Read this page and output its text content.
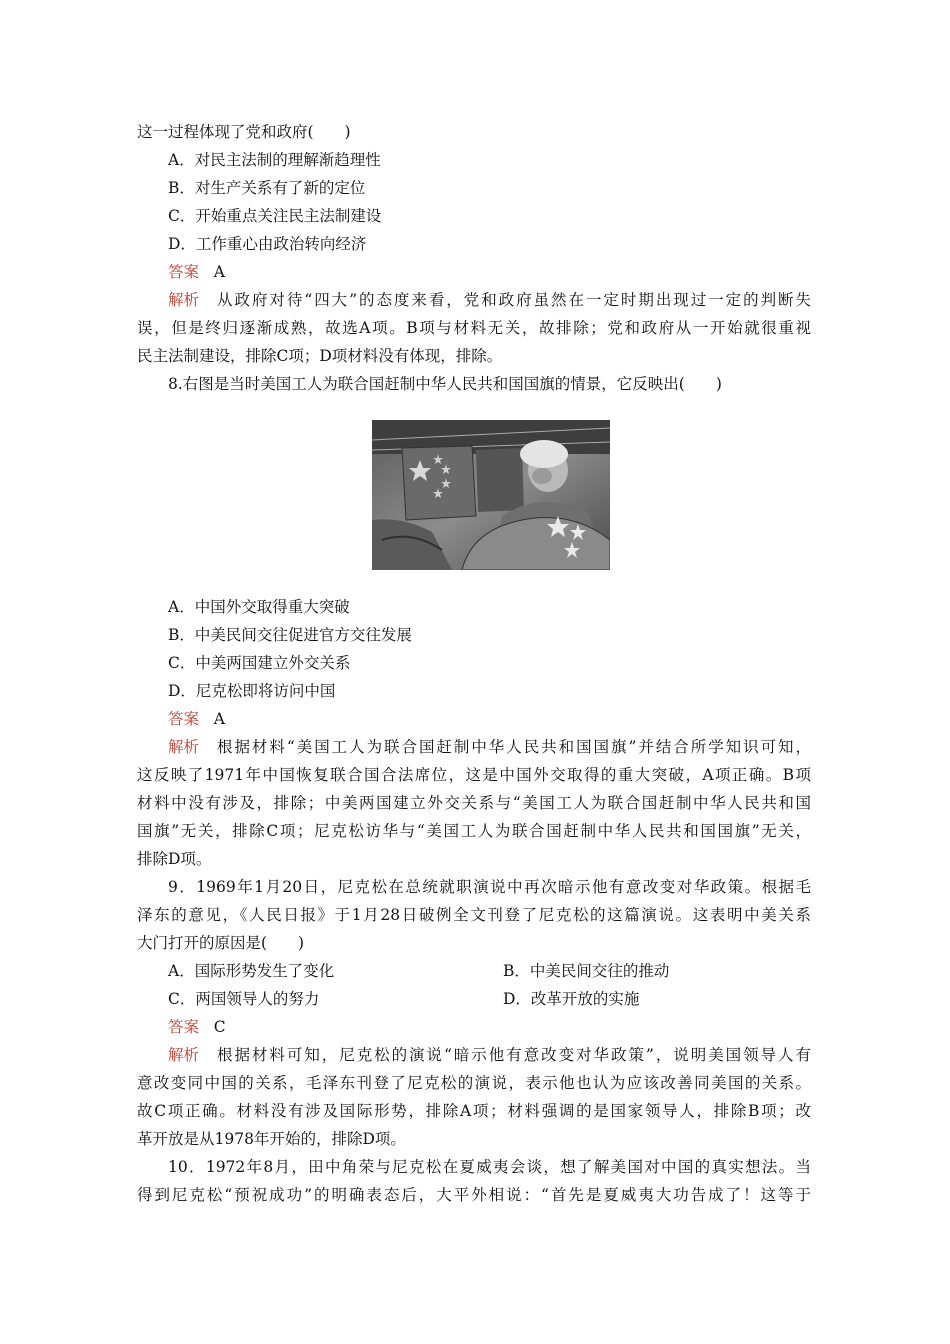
这一过程体现了党和政府(　　)
A．对民主法制的理解渐趋理性
B．对生产关系有了新的定位
C．开始重点关注民主法制建设
D．工作重心由政治转向经济
答案 A
解析 从政府对待“四大”的态度来看，党和政府虽然在一定时期出现过一定的判断失
误，但是终归逐渐成熟，故选A项。B项与材料无关，故排除；党和政府从一开始就很重视
民主法制建设，排除C项；D项材料没有体现，排除。
8.右图是当时美国工人为联合国赶制中华人民共和国国旗的情景，它反映出(　　)
A．中国外交取得重大突破
B．中美民间交往促进官方交往发展
C．中美两国建立外交关系
D．尼克松即将访问中国
答案 A
解析 根据材料“美国工人为联合国赶制中华人民共和国国旗”并结合所学知识可知，
这反映了1971年中国恢复联合国合法席位，这是中国外交取得的重大突破，A项正确。B项
材料中没有涉及，排除；中美两国建立外交关系与“美国工人为联合国赶制中华人民共和国
国旗”无关，排除C项；尼克松访华与“美国工人为联合国赶制中华人民共和国国旗”无关，
排除D项。
9．1969年1月20日，尼克松在总统就职演说中再次暗示他有意改变对华政策。根据毛
泽东的意见，《人民日报》于1月28日破例全文刊登了尼克松的这篇演说。这表明中美关系
大门打开的原因是(　　)
A．国际形势发生了变化	B．中美民间交往的推动
C．两国领导人的努力	D．改革开放的实施
答案 C
解析 根据材料可知，尼克松的演说“暗示他有意改变对华政策”，说明美国领导人有
意改变同中国的关系，毛泽东刊登了尼克松的演说，表示他也认为应该改善同美国的关系。
故C项正确。材料没有涉及国际形势，排除A项；材料强调的是国家领导人，排除B项；改
革开放是从1978年开始的，排除D项。
10．1972年8月，田中角荣与尼克松在夏威夷会谈，想了解美国对中国的真实想法。当
得到尼克松“预祝成功”的明确表态后，大平外相说：“首先是夏威夷大功告成了！这等于
